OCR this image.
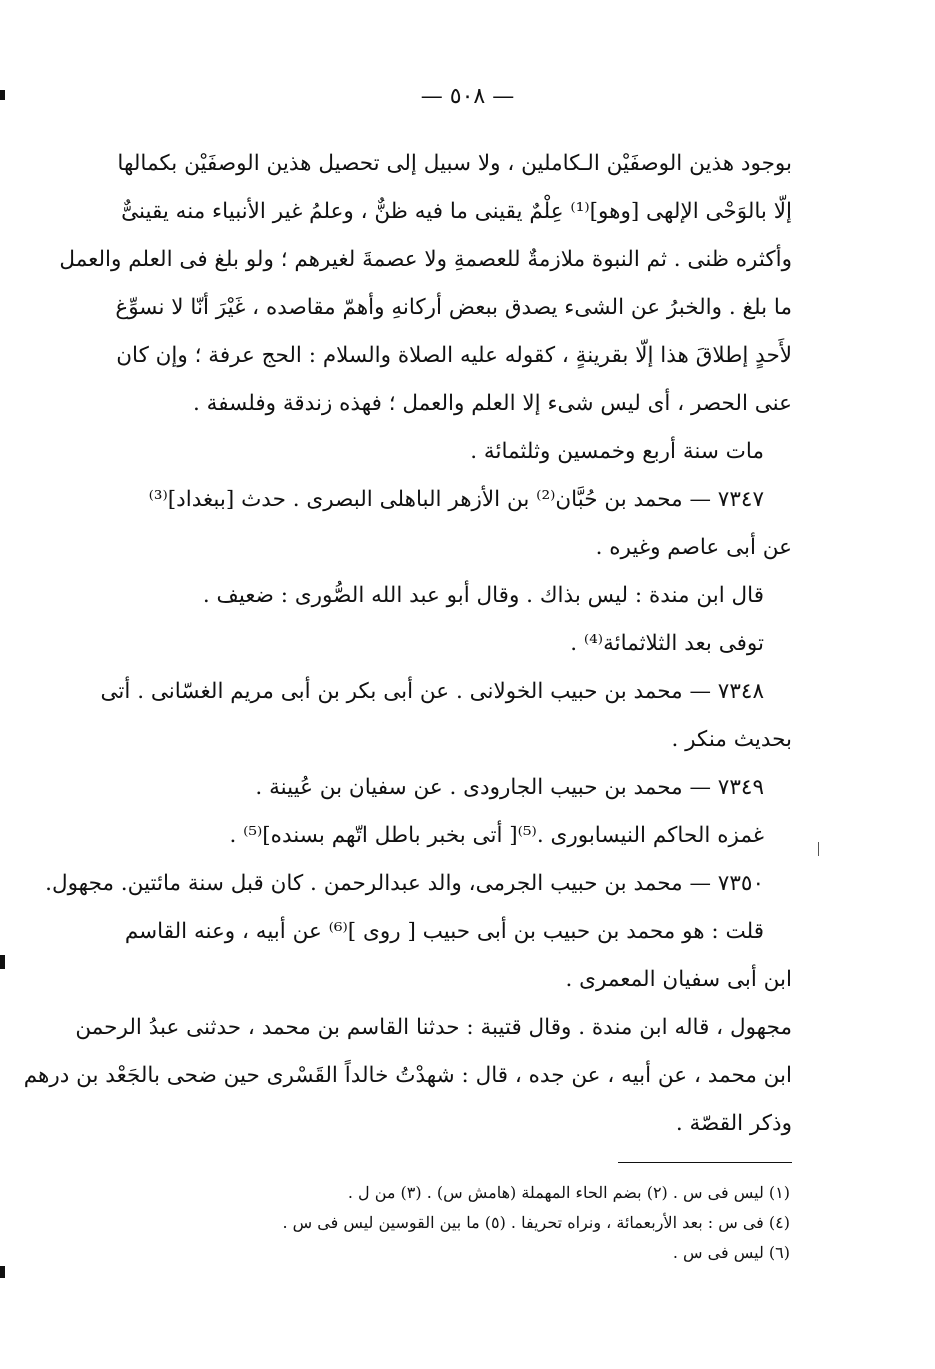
— ٥٠٨ —
بوجود هذين الوصفَيْن الـكاملين ، ولا سبيل إلى تحصيل هذين الوصفَيْن بكمالها
إلّا بالوَحْى الإلهى [وهو]⁽¹⁾ عِلْمٌ يقينى ما فيه ظنٌّ ، وعلمُ غير الأنبياء منه يقينىٌّ
وأكثره ظنى . ثم النبوة ملازمةٌ للعصمةِ ولا عصمةَ لغيرهم ؛ ولو بلغ فى العلم والعمل
ما بلغ . والخبرُ عن الشىء يصدق ببعض أركانهِ وأهمّ مقاصده ، غَيْرَ أنّا لا نسوِّغ
لأَحدٍ إطلاقَ هذا إلّا بقرينةٍ ، كقوله عليه الصلاة والسلام : الحج عرفة ؛ وإن كان
عنى الحصر ، أى ليس شىء إلا العلم والعمل ؛ فهذه زندقة وفلسفة .
مات سنة أربع وخمسين وثلثمائة .
٧٣٤٧ — محمد بن حُبَّان⁽²⁾ بن الأزهر الباهلى البصرى . حدث [ببغداد]⁽³⁾
عن أبى عاصم وغيره .
قال ابن مندة : ليس بذاك . وقال أبو عبد الله الصُّورى : ضعيف .
توفى بعد الثلاثمائة⁽⁴⁾ .
٧٣٤٨ — محمد بن حبيب الخولانى . عن أبى بكر بن أبى مريم الغسّانى . أتى
بحديث منكر .
٧٣٤٩ — محمد بن حبيب الجارودى . عن سفيان بن عُيينة .
غمزه الحاكم النيسابورى .⁽⁵⁾[ أتى بخبر باطل اتّهم بسنده]⁽⁵⁾ .
٧٣٥٠ — محمد بن حبيب الجرمى، والد عبدالرحمن . كان قبل سنة مائتين. مجهول.
قلت : هو محمد بن حبيب بن أبى حبيب [ روى ]⁽⁶⁾ عن أبيه ، وعنه القاسم
ابن أبى سفيان المعمرى .
مجهول ، قاله ابن مندة . وقال قتيبة : حدثنا القاسم بن محمد ، حدثنى عبدُ الرحمن
ابن محمد ، عن أبيه ، عن جده ، قال : شهدْتُ خالداً القَسْرى حين ضحى بالجَعْد بن درهم
وذكر القصّة .
(١) ليس فى س . (٢) بضم الحاء المهملة (هامش س) . (٣) من ل .
(٤) فى س : بعد الأربعمائة ، ونراه تحريفا . (٥) ما بين القوسين ليس فى س .
(٦) ليس فى س .
